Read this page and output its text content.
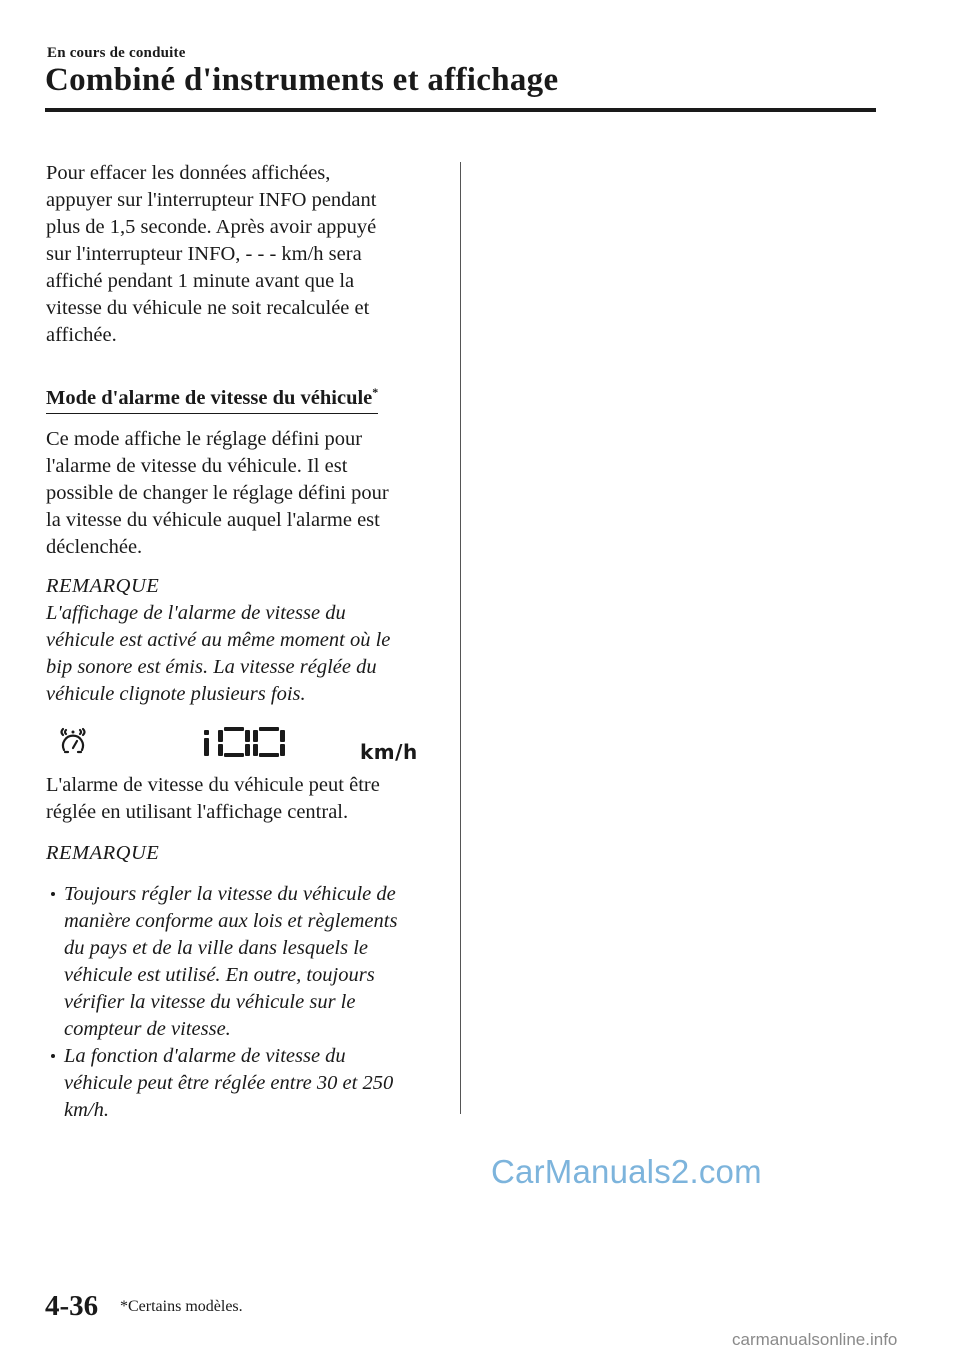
En cours de conduite
Combiné d'instruments et affichage

Pour effacer les données affichées,
appuyer sur l'interrupteur INFO pendant
plus de 1,5 seconde. Après avoir appuyé
sur l'interrupteur INFO, - - - km/h sera
affiché pendant 1 minute avant que la
vitesse du véhicule ne soit recalculée et
affichée.

Mode d'alarme de vitesse du véhicule*

Ce mode affiche le réglage défini pour
l'alarme de vitesse du véhicule. Il est
possible de changer le réglage défini pour
la vitesse du véhicule auquel l'alarme est
déclenchée.

REMARQUE

L'affichage de l'alarme de vitesse du
véhicule est activé au même moment où le
bip sonore est émis. La vitesse réglée du
véhicule clignote plusieurs fois.

km/h

L'alarme de vitesse du véhicule peut être
réglée en utilisant l'affichage central.

REMARQUE

Toujours régler la vitesse du véhicule de
manière conforme aux lois et règlements
du pays et de la ville dans lesquels le
véhicule est utilisé. En outre, toujours
vérifier la vitesse du véhicule sur le
compteur de vitesse.

La fonction d'alarme de vitesse du
véhicule peut être réglée entre 30 et 250
km/h.

CarManuals2.com
4-36 *Certains modèles.
carmanualsonline.info
